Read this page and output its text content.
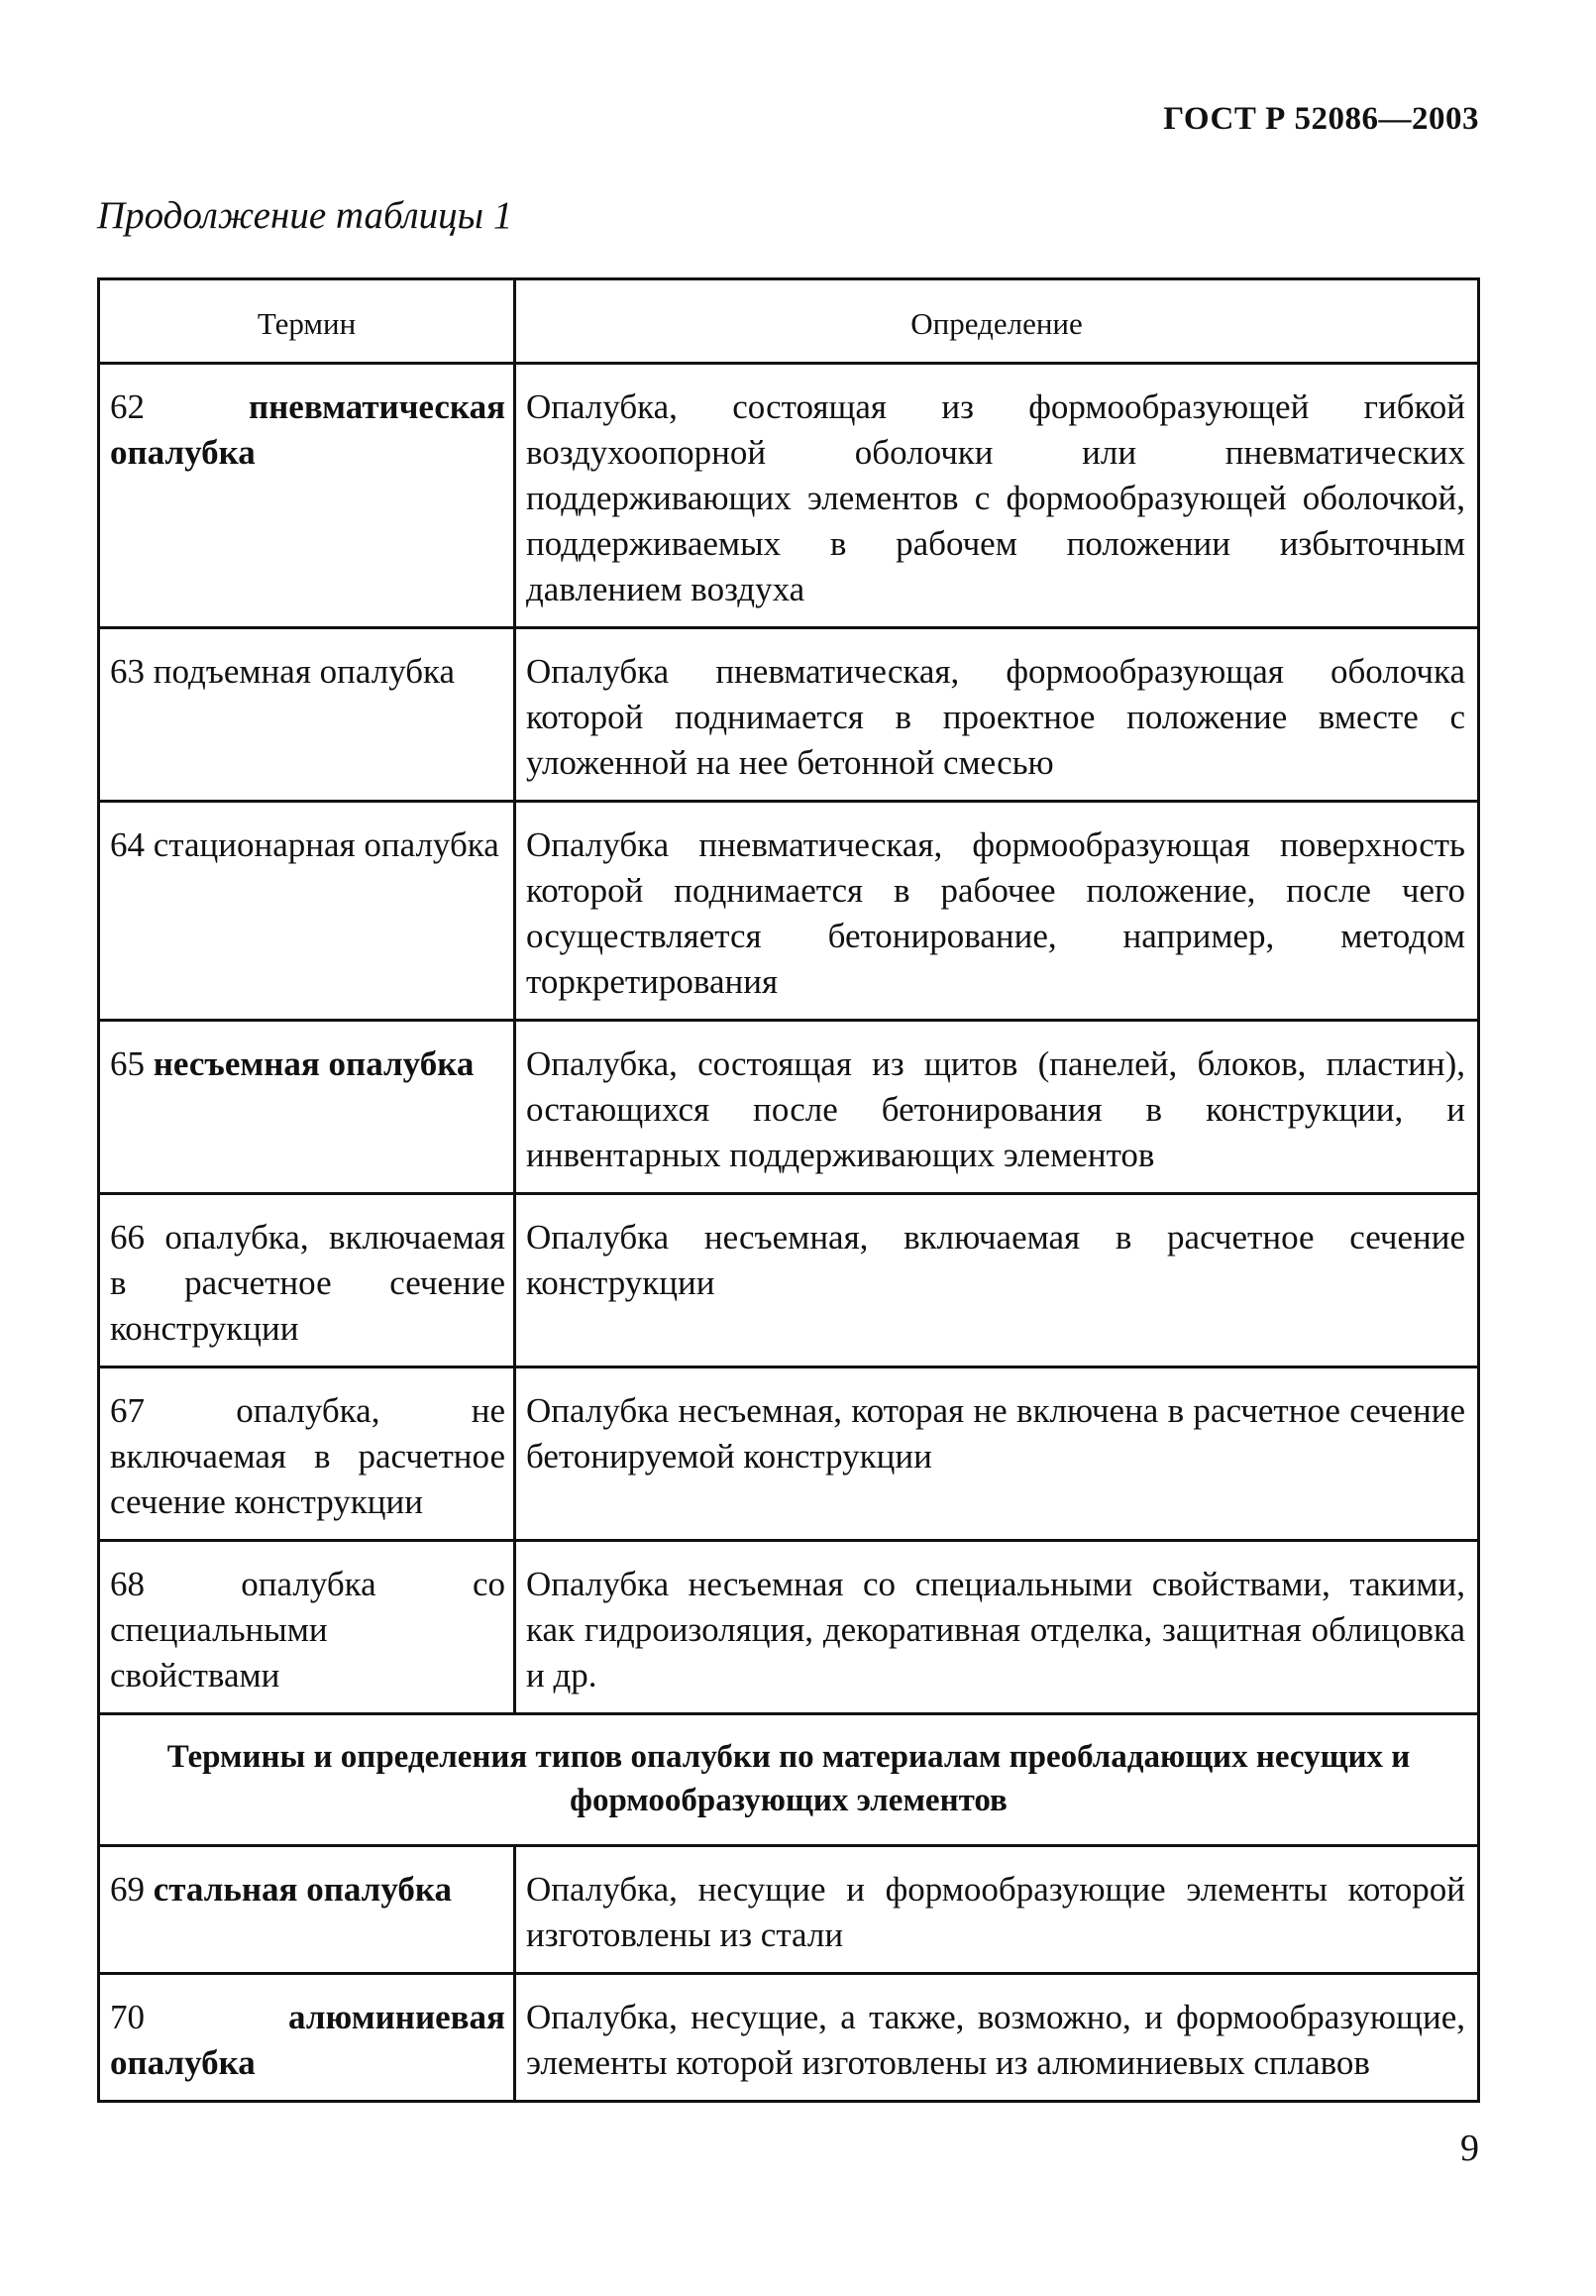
ГОСТ Р 52086—2003
Продолжение таблицы 1
Термин	Определение
62 пневматическая опалубка	Опалубка, состоящая из формообразующей гибкой воздухоопорной оболочки или пневматических поддерживающих элементов с формообразующей оболочкой, поддерживаемых в рабочем положении избыточным давлением воздуха
63 подъемная опалубка	Опалубка пневматическая, формообразующая оболочка которой поднимается в проектное положение вместе с уложенной на нее бетонной смесью
64 стационарная опалубка	Опалубка пневматическая, формообразующая поверхность которой поднимается в рабочее положение, после чего осуществляется бетонирование, например, методом торкретирования
65 несъемная опалубка	Опалубка, состоящая из щитов (панелей, блоков, пластин), остающихся после бетонирования в конструкции, и инвентарных поддерживающих элементов
66 опалубка, включаемая в расчетное сечение конструкции	Опалубка несъемная, включаемая в расчетное сечение конструкции
67 опалубка, не включаемая в расчетное сечение конструкции	Опалубка несъемная, которая не включена в расчетное сечение бетонируемой конструкции
68 опалубка со специальными свойствами	Опалубка несъемная со специальными свойствами, такими, как гидроизоляция, декоративная отделка, защитная облицовка и др.
Термины и определения типов опалубки по материалам преобладающих несущих и формообразующих элементов	
69 стальная опалубка	Опалубка, несущие и формообразующие элементы которой изготовлены из стали
70 алюминиевая опалубка	Опалубка, несущие, а также, возможно, и формообразующие, элементы которой изготовлены из алюминиевых сплавов
9
